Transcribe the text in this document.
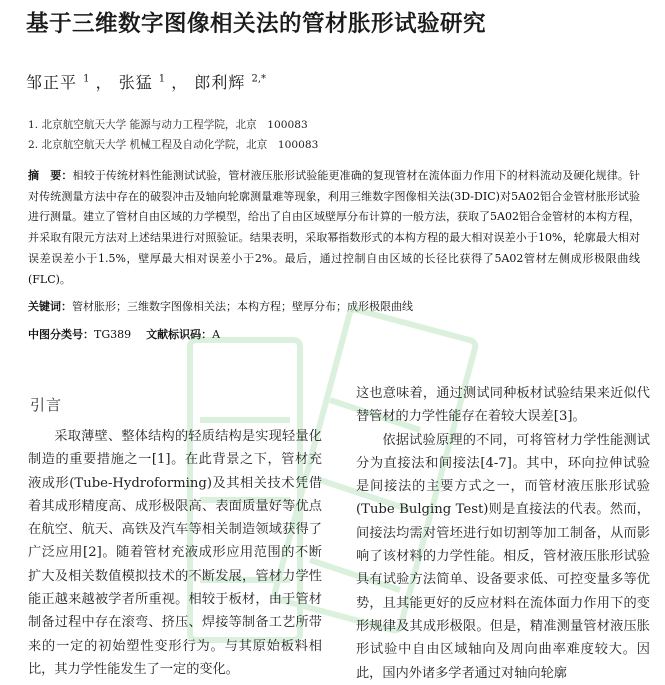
基于三维数字图像相关法的管材胀形试验研究
邹正平 $^1$ ， 张猛 $^1$ ， 郎利辉 $^{2,*}$
1. 北京航空航天大学 能源与动力工程学院，北京　100083
2. 北京航空航天大学 机械工程及自动化学院，北京　100083
摘　要：相较于传统材料性能测试试验，管材液压胀形试验能更准确的复现管材在流体面力作用下的材料流动及硬化规律。针对传统测量方法中存在的破裂冲击及轴向轮廓测量难等现象，利用三维数字图像相关法(3D-DIC)对5A02铝合金管材胀形试验进行测量。建立了管材自由区域的力学模型，给出了自由区域壁厚分布计算的一般方法，获取了5A02铝合金管材的本构方程，并采取有限元方法对上述结果进行对照验证。结果表明，采取幂指数形式的本构方程的最大相对误差小于10%，轮廓最大相对误差误差小于1.5%，壁厚最大相对误差小于2%。最后，通过控制自由区域的长径比获得了5A02管材左侧成形极限曲线(FLC)。
关键词：管材胀形；三维数字图像相关法；本构方程；壁厚分布；成形极限曲线
中图分类号：TG389 文献标识码：A
引言

采取薄壁、整体结构的轻质结构是实现轻量化制造的重要措施之一[1]。在此背景之下，管材充液成形(Tube-Hydroforming)及其相关技术凭借着其成形精度高、成形极限高、表面质量好等优点在航空、航天、高铁及汽车等相关制造领域获得了广泛应用[2]。随着管材充液成形应用范围的不断扩大及相关数值模拟技术的不断发展，管材力学性能正越来越被学者所重视。相较于板材，由于管材制备过程中存在滚弯、挤压、焊接等制备工艺所带来的一定的初始塑性变形行为。与其原始板料相比，其力学性能发生了一定的变化。

这也意味着，通过测试同种板材试验结果来近似代替管材的力学性能存在着较大误差[3]。

依据试验原理的不同，可将管材力学性能测试分为直接法和间接法[4-7]。其中，环向拉伸试验是间接法的主要方式之一，而管材液压胀形试验(Tube Bulging Test)则是直接法的代表。然而，间接法均需对管坯进行如切割等加工制备，从而影响了该材料的力学性能。相反，管材液压胀形试验具有试验方法简单、设备要求低、可控变量多等优势，且其能更好的反应材料在流体面力作用下的变形规律及其成形极限。但是，精准测量管材液压胀形试验中自由区域轴向及周向曲率难度较大。因此，国内外诸多学者通过对轴向轮廓
